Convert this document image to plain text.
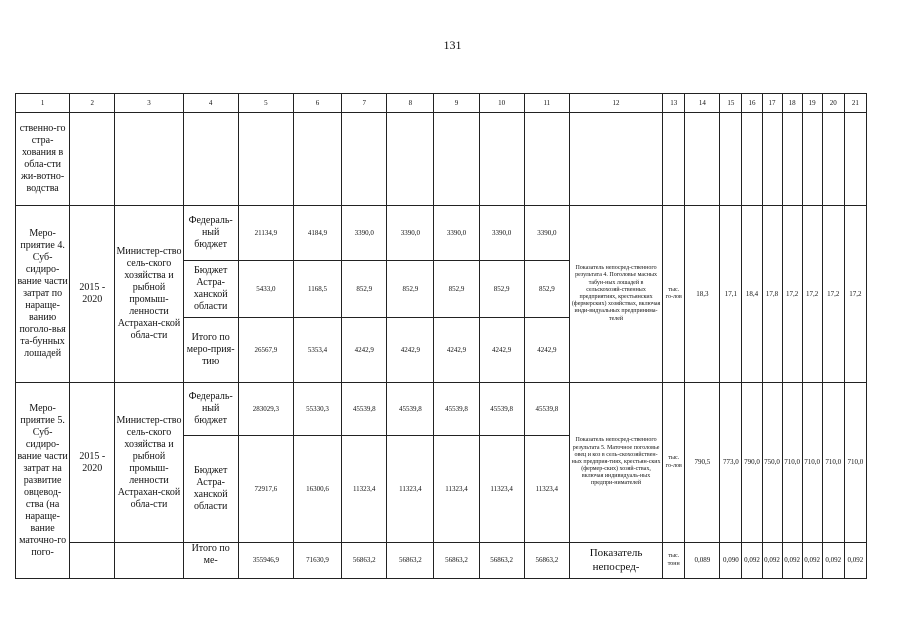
131
1	2	3	4	5	6	7	8	9	10	11	12	13	14	15	16	17	18	19	20	21
ственно-го стра-хования в обла-сти жи-вотно-водства																				
Меро-приятие 4. Суб-сидиро-вание части затрат по нараще-ванию поголо-вья та-бунных лошадей	2015 - 2020	Министер-ство сель-ского хозяйства и рыбной промыш-ленности Астрахан-ской обла-сти	Федераль-ный бюджет	21134,9	4184,9	3390,0	3390,0	3390,0	3390,0	3390,0	Показатель непосред-ственного результата 4. Поголовье масных табун-ных лошадей в сельскохозяй-ственных предприятиях, крестьянских (фермерских) хозяйствах, включая инди-видуальных предпринима-телей	тыс. го-лов	18,3	17,1	18,4	17,8	17,2	17,2	17,2	17,2
			Бюджет Астра-ханской области	5433,0	1168,5	852,9	852,9	852,9	852,9	852,9										
			Итого по меро-прия-тию	26567,9	5353,4	4242,9	4242,9	4242,9	4242,9	4242,9										
Меро-приятие 5. Суб-сидиро-вание части затрат на развитие овцевод-ства (на нараще-вание маточно-го пого-	2015 - 2020	Министер-ство сель-ского хозяйства и рыбной промыш-ленности Астрахан-ской обла-сти	Федераль-ный бюджет	283029,3	55330,3	45539,8	45539,8	45539,8	45539,8	45539,8	Показатель непосред-ственного результата 5. Маточное поголовье овец и коз в сель-скохозяйствен-ных предприя-тиях, крестьян-ских (фермер-ских) хозяй-ствах, включая индивидуаль-ных предпри-нимателей	тыс. го-лов	790,5	773,0	790,0	750,0	710,0	710,0	710,0	710,0
			Бюджет Астра-ханской области	72917,6	16300,6	11323,4	11323,4	11323,4	11323,4	11323,4										
			Итого по ме-	355946,9	71630,9	56863,2	56863,2	56863,2	56863,2	56863,2	Показатель непосред-	тыс. тонн	0,089	0,090	0,092	0,092	0,092	0,092	0,092	0,092
